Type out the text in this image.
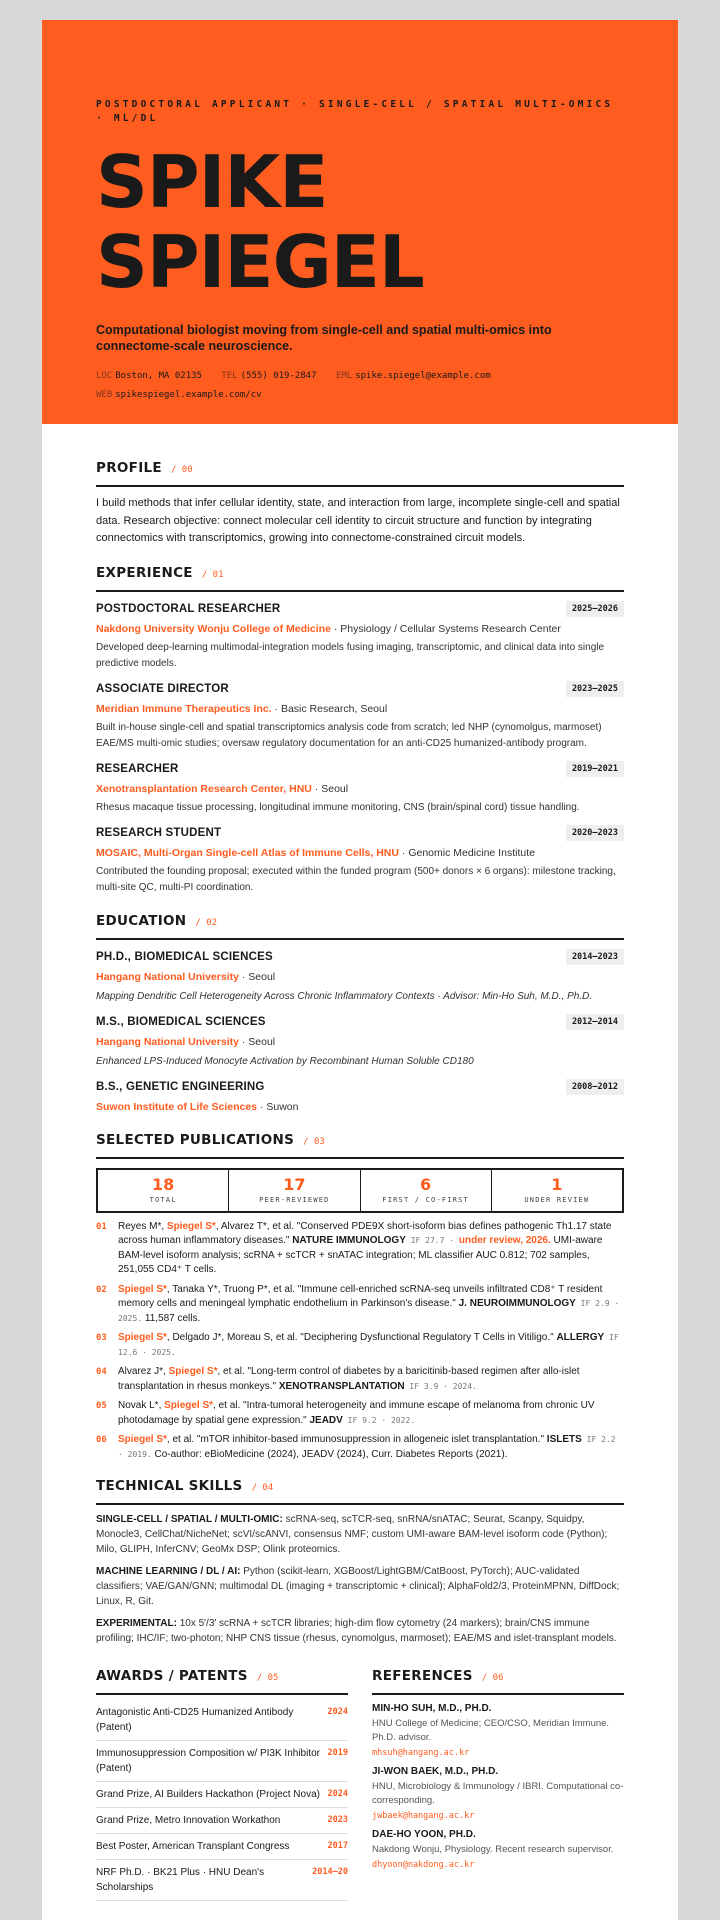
POSTDOCTORAL APPLICANT · SINGLE-CELL / SPATIAL MULTI-OMICS · ML/DL
SPIKE
SPIEGEL
Computational biologist moving from single-cell and spatial multi-omics into connectome-scale neuroscience.
LOC Boston, MA 02135 TEL (555) 019-2847 EML spike.spiegel@example.com
WEB spikespiegel.example.com/cv
PROFILE / 00
I build methods that infer cellular identity, state, and interaction from large, incomplete single-cell and spatial data. Research objective: connect molecular cell identity to circuit structure and function by integrating connectomics with transcriptomics, growing into connectome-constrained circuit models.
EXPERIENCE / 01
POSTDOCTORAL RESEARCHER	2025–2026
Nakdong University Wonju College of Medicine · Physiology / Cellular Systems Research Center
Developed deep-learning multimodal-integration models fusing imaging, transcriptomic, and clinical data into single predictive models.
ASSOCIATE DIRECTOR	2023–2025
Meridian Immune Therapeutics Inc. · Basic Research, Seoul
Built in-house single-cell and spatial transcriptomics analysis code from scratch; led NHP (cynomolgus, marmoset) EAE/MS multi-omic studies; oversaw regulatory documentation for an anti-CD25 humanized-antibody program.
RESEARCHER	2019–2021
Xenotransplantation Research Center, HNU · Seoul
Rhesus macaque tissue processing, longitudinal immune monitoring, CNS (brain/spinal cord) tissue handling.
RESEARCH STUDENT	2020–2023
MOSAIC, Multi-Organ Single-cell Atlas of Immune Cells, HNU · Genomic Medicine Institute
Contributed the founding proposal; executed within the funded program (500+ donors × 6 organs): milestone tracking, multi-site QC, multi-PI coordination.
EDUCATION / 02
PH.D., BIOMEDICAL SCIENCES	2014–2023
Hangang National University · Seoul
Mapping Dendritic Cell Heterogeneity Across Chronic Inflammatory Contexts · Advisor: Min-Ho Suh, M.D., Ph.D.
M.S., BIOMEDICAL SCIENCES	2012–2014
Hangang National University · Seoul
Enhanced LPS-Induced Monocyte Activation by Recombinant Human Soluble CD180
B.S., GENETIC ENGINEERING	2008–2012
Suwon Institute of Life Sciences · Suwon
SELECTED PUBLICATIONS / 03
18
TOTAL
17
PEER-REVIEWED
6
FIRST / CO-FIRST
1
UNDER REVIEW
01	Reyes M*, Spiegel S*, Alvarez T*, et al. "Conserved PDE9X short-isoform bias defines pathogenic Th1.17 state across human inflammatory diseases." NATURE IMMUNOLOGY IF 27.7 · under review, 2026. UMI-aware BAM-level isoform analysis; scRNA + scTCR + snATAC integration; ML classifier AUC 0.812; 702 samples, 251,055 CD4⁺ T cells.
02	Spiegel S*, Tanaka Y*, Truong P*, et al. "Immune cell-enriched scRNA-seq unveils infiltrated CD8⁺ T resident memory cells and meningeal lymphatic endothelium in Parkinson's disease." J. NEUROIMMUNOLOGY IF 2.9 · 2025. 11,587 cells.
03	Spiegel S*, Delgado J*, Moreau S, et al. "Deciphering Dysfunctional Regulatory T Cells in Vitiligo." ALLERGY IF 12.6 · 2025.
04	Alvarez J*, Spiegel S*, et al. "Long-term control of diabetes by a baricitinib-based regimen after allo-islet transplantation in rhesus monkeys." XENOTRANSPLANTATION IF 3.9 · 2024.
05	Novak L*, Spiegel S*, et al. "Intra-tumoral heterogeneity and immune escape of melanoma from chronic UV photodamage by spatial gene expression." JEADV IF 9.2 · 2022.
06	Spiegel S*, et al. "mTOR inhibitor-based immunosuppression in allogeneic islet transplantation." ISLETS IF 2.2 · 2019. Co-author: eBioMedicine (2024), JEADV (2024), Curr. Diabetes Reports (2021).
TECHNICAL SKILLS / 04
SINGLE-CELL / SPATIAL / MULTI-OMIC: scRNA-seq, scTCR-seq, snRNA/snATAC; Seurat, Scanpy, Squidpy, Monocle3, CellChat/NicheNet; scVI/scANVI, consensus NMF; custom UMI-aware BAM-level isoform code (Python); Milo, GLIPH, InferCNV; GeoMx DSP; Olink proteomics.
MACHINE LEARNING / DL / AI: Python (scikit-learn, XGBoost/LightGBM/CatBoost, PyTorch); AUC-validated classifiers; VAE/GAN/GNN; multimodal DL (imaging + transcriptomic + clinical); AlphaFold2/3, ProteinMPNN, DiffDock; Linux, R, Git.
EXPERIMENTAL: 10x 5′/3′ scRNA + scTCR libraries; high-dim flow cytometry (24 markers); brain/CNS immune profiling; IHC/IF; two-photon; NHP CNS tissue (rhesus, cynomolgus, marmoset); EAE/MS and islet-transplant models.
AWARDS / PATENTS / 05
Antagonistic Anti-CD25 Humanized Antibody (Patent)
2024
Immunosuppression Composition w/ PI3K Inhibitor (Patent)
2019
Grand Prize, AI Builders Hackathon (Project Nova) 2024
Grand Prize, Metro Innovation Workathon	2023
Best Poster, American Transplant Congress	2017
NRF Ph.D. · BK21 Plus · HNU Dean's Scholarships
2014–20
REFERENCES / 06
MIN-HO SUH, M.D., PH.D.
HNU College of Medicine; CEO/CSO, Meridian Immune. Ph.D. advisor.
mhsuh@hangang.ac.kr
JI-WON BAEK, M.D., PH.D.
HNU, Microbiology & Immunology / IBRI. Computational co-corresponding.
jwbaek@hangang.ac.kr
DAE-HO YOON, PH.D.
Nakdong Wonju, Physiology. Recent research supervisor.
dhyoon@nakdong.ac.kr
